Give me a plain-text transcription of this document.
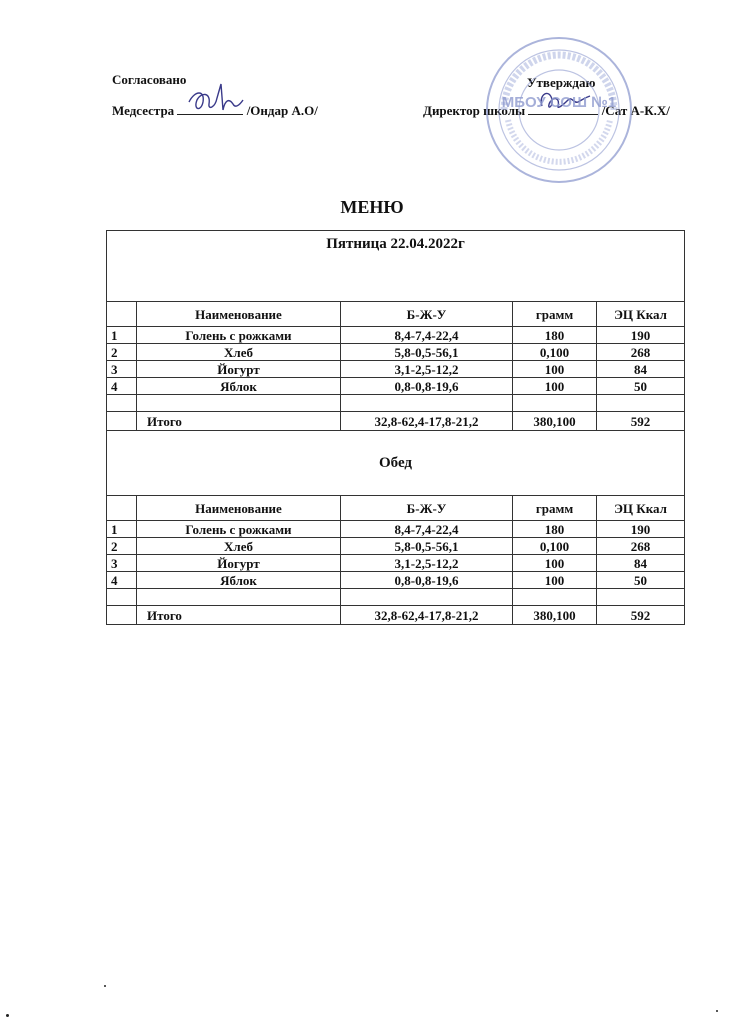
Согласовано
Медсестра	/Ондар А.О/
Утверждаю
Директор школы	/Сат А-К.Х/
МБОУ СОШ №1
МЕНЮ
Пятница 22.04.2022г				
	Наименование	Б-Ж-У	грамм	ЭЦ Ккал
1	Голень с рожками	8,4-7,4-22,4	180	190
2	Хлеб	5,8-0,5-56,1	0,100	268
3	Йогурт	3,1-2,5-12,2	100	84
4	Яблок	0,8-0,8-19,6	100	50

	Итого	32,8-62,4-17,8-21,2	380,100	592
Обед				
	Наименование	Б-Ж-У	грамм	ЭЦ Ккал
1	Голень с рожками	8,4-7,4-22,4	180	190
2	Хлеб	5,8-0,5-56,1	0,100	268
3	Йогурт	3,1-2,5-12,2	100	84
4	Яблок	0,8-0,8-19,6	100	50

	Итого	32,8-62,4-17,8-21,2	380,100	592
